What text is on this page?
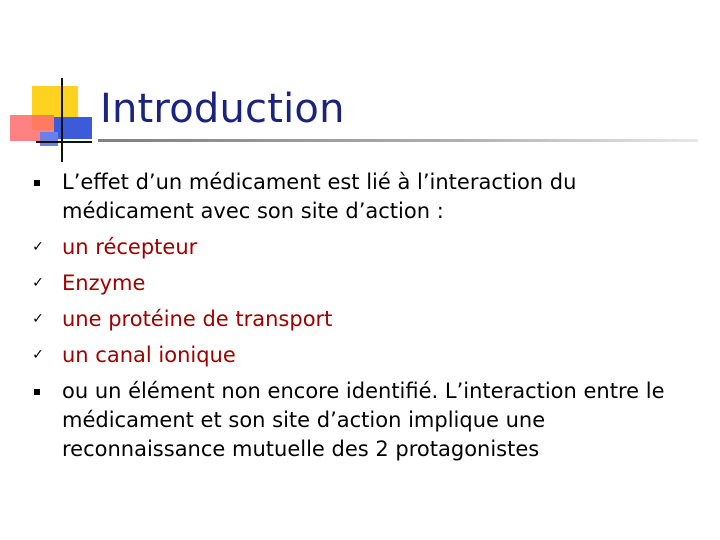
Introduction
L’effet d’un médicament est lié à l’interaction du médicament avec son site d’action :
✓ un récepteur
✓ Enzyme
✓ une protéine de transport
✓ un canal ionique
ou un élément non encore identifié. L’interaction entre le médicament et son site d’action implique une reconnaissance mutuelle des 2 protagonistes
